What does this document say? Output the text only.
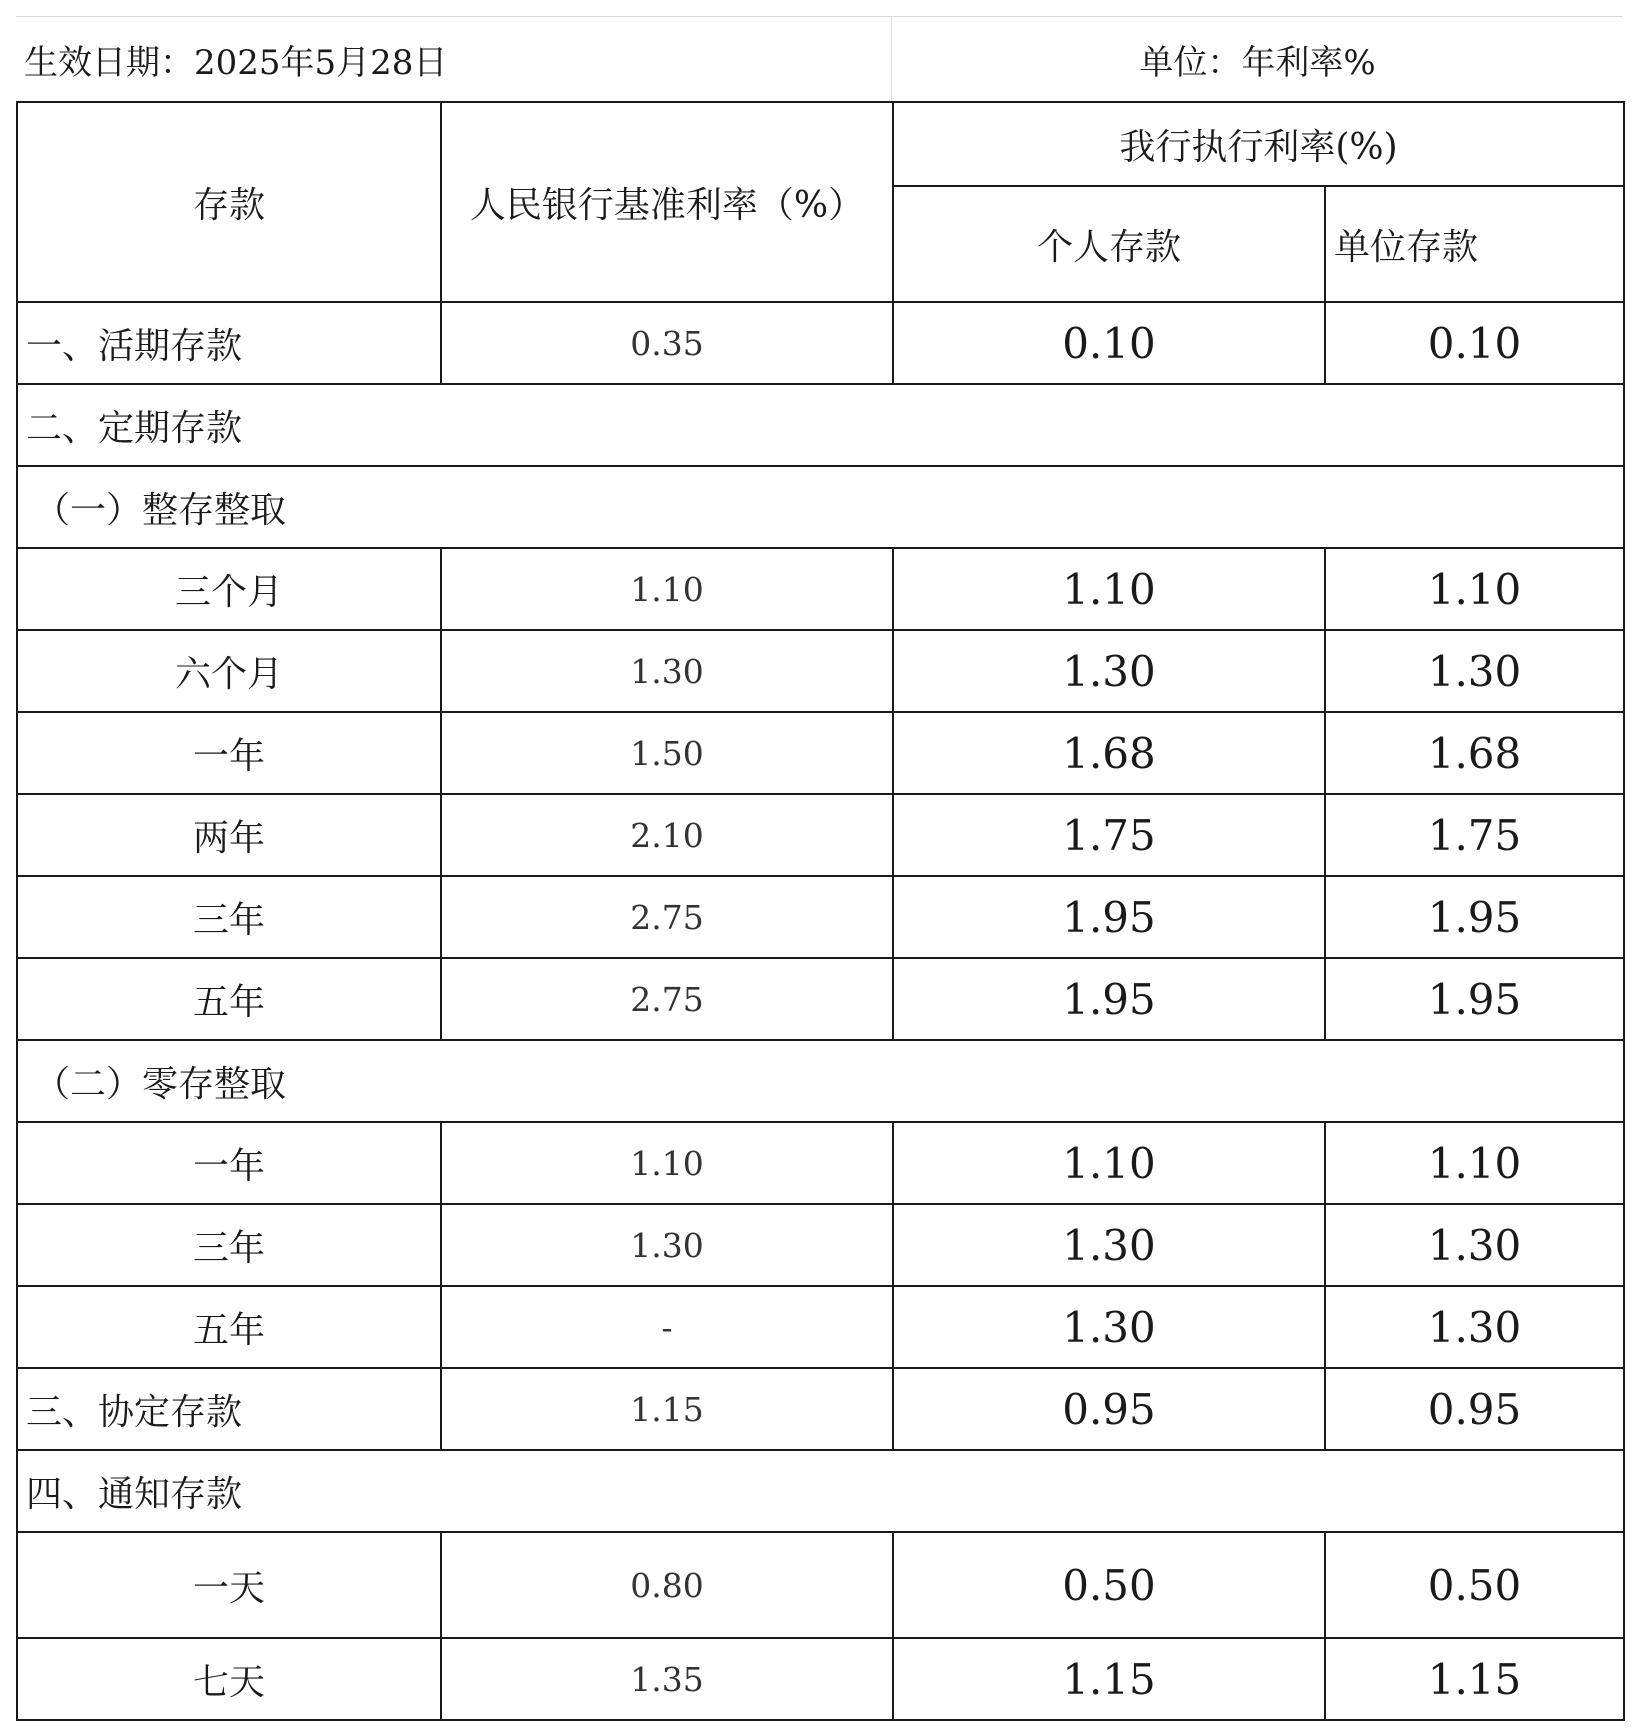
生效日期：2025年5月28日	单位：年利率%
存款	人民银行基准利率（%）	我行执行利率(%)	
		个人存款	单位存款
一、活期存款	0.35	0.10	0.10
二、定期存款			
（一）整存整取			
三个月	1.10	1.10	1.10
六个月	1.30	1.30	1.30
一年	1.50	1.68	1.68
两年	2.10	1.75	1.75
三年	2.75	1.95	1.95
五年	2.75	1.95	1.95
（二）零存整取			
一年	1.10	1.10	1.10
三年	1.30	1.30	1.30
五年	-	1.30	1.30
三、协定存款	1.15	0.95	0.95
四、通知存款			
一天	0.80	0.50	0.50
七天	1.35	1.15	1.15
